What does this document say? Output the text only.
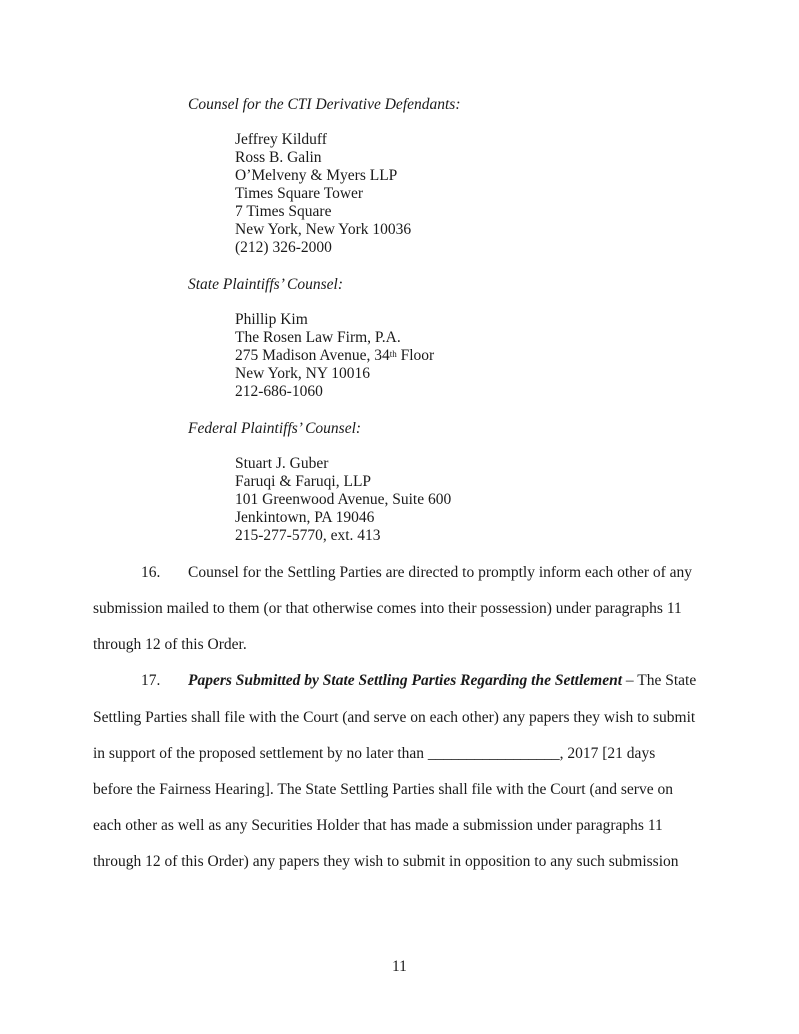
Counsel for the CTI Derivative Defendants:
Jeffrey Kilduff
Ross B. Galin
O’Melveny & Myers LLP
Times Square Tower
7 Times Square
New York, New York 10036
(212) 326-2000
State Plaintiffs’ Counsel:
Phillip Kim
The Rosen Law Firm, P.A.
275 Madison Avenue, 34th Floor
New York, NY 10016
212-686-1060
Federal Plaintiffs’ Counsel:
Stuart J. Guber
Faruqi & Faruqi, LLP
101 Greenwood Avenue, Suite 600
Jenkintown, PA 19046
215-277-5770, ext. 413
16. Counsel for the Settling Parties are directed to promptly inform each other of any
submission mailed to them (or that otherwise comes into their possession) under paragraphs 11
through 12 of this Order.
17. Papers Submitted by State Settling Parties Regarding the Settlement – The State
Settling Parties shall file with the Court (and serve on each other) any papers they wish to submit
in support of the proposed settlement by no later than _________________, 2017 [21 days
before the Fairness Hearing]. The State Settling Parties shall file with the Court (and serve on
each other as well as any Securities Holder that has made a submission under paragraphs 11
through 12 of this Order) any papers they wish to submit in opposition to any such submission
11
